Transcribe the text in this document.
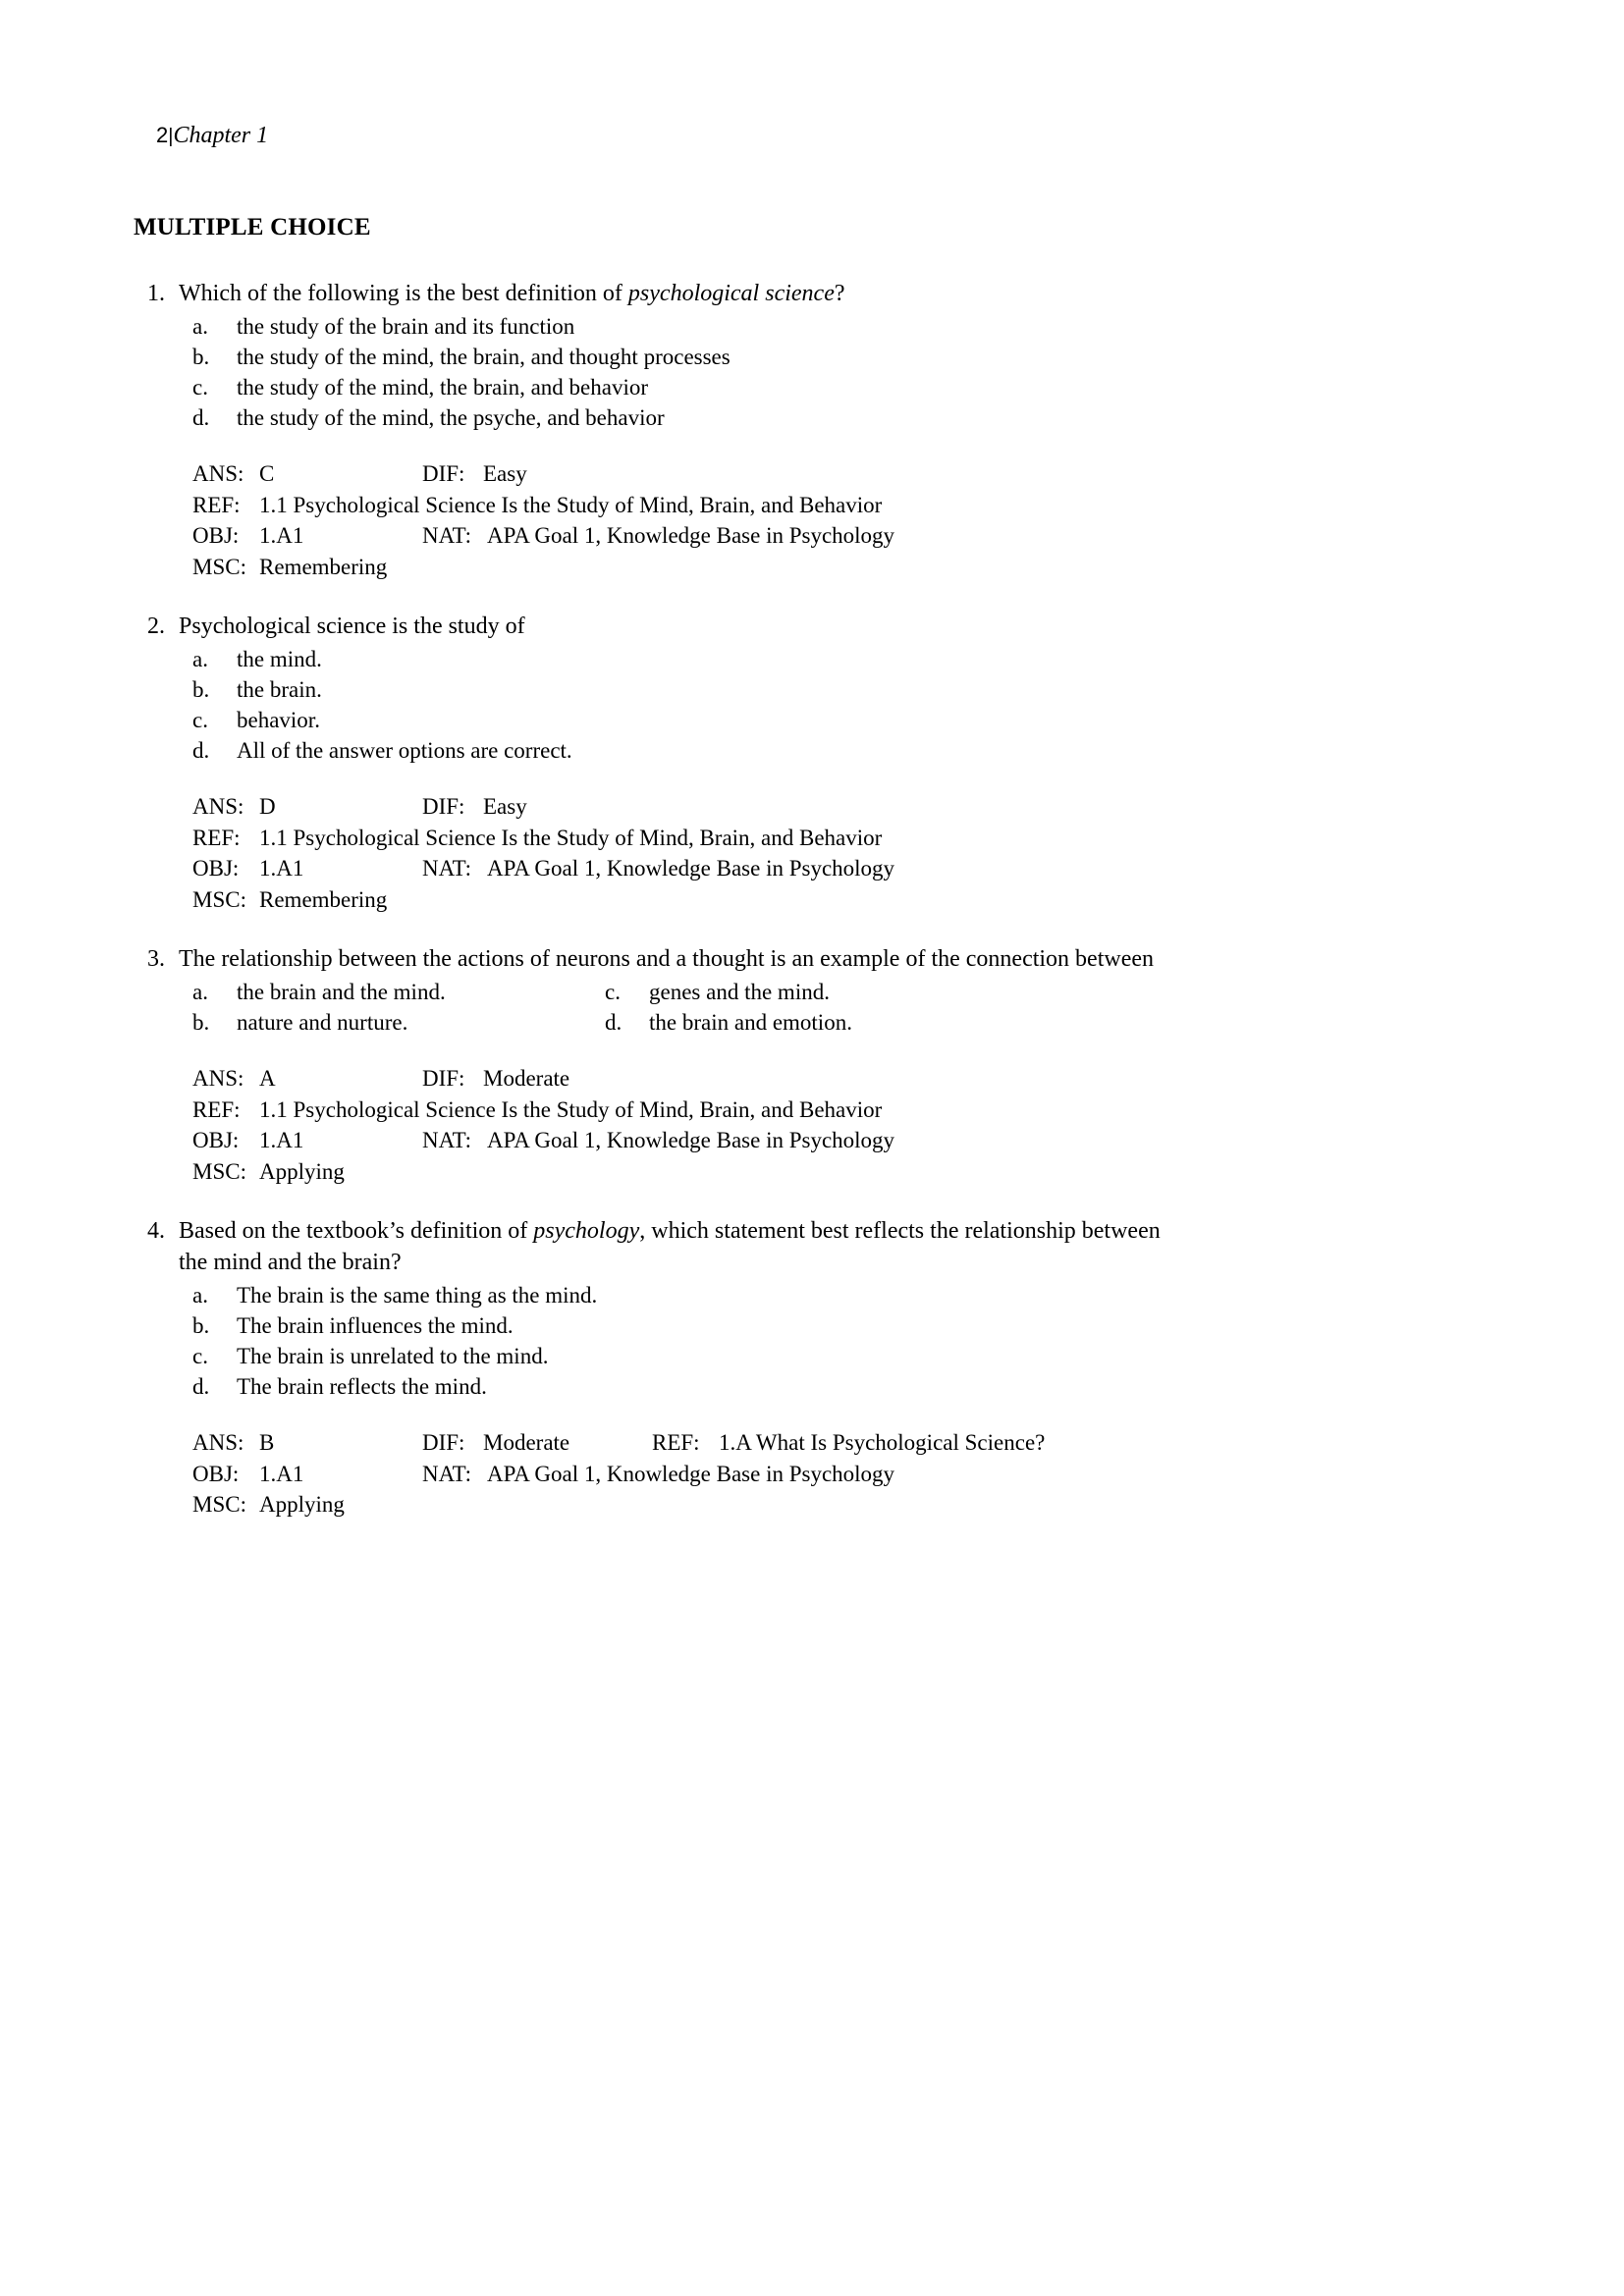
2|Chapter 1

MULTIPLE CHOICE
1. Which of the following is the best definition of psychological science?
a.	the study of the brain and its function
b.	the study of the mind, the brain, and thought processes
c.	the study of the mind, the brain, and behavior
d.	the study of the mind, the psyche, and behavior
ANS: C	DIF: Easy
REF: 1.1 Psychological Science Is the Study of Mind, Brain, and Behavior
OBJ: 1.A1	NAT: APA Goal 1, Knowledge Base in Psychology
MSC: Remembering
2. Psychological science is the study of
a.	the mind.
b.	the brain.
c.	behavior.
d.	All of the answer options are correct.
ANS: D	DIF: Easy
REF: 1.1 Psychological Science Is the Study of Mind, Brain, and Behavior
OBJ: 1.A1	NAT: APA Goal 1, Knowledge Base in Psychology
MSC: Remembering
3. The relationship between the actions of neurons and a thought is an example of the connection between
a.	the brain and the mind.	c.	genes and the mind.
b.	nature and nurture.	d.	the brain and emotion.
ANS: A	DIF: Moderate
REF: 1.1 Psychological Science Is the Study of Mind, Brain, and Behavior
OBJ: 1.A1	NAT: APA Goal 1, Knowledge Base in Psychology
MSC: Applying
4. Based on the textbook’s definition of psychology, which statement best reflects the relationship between the mind and the brain?
a.	The brain is the same thing as the mind.
b.	The brain influences the mind.
c.	The brain is unrelated to the mind.
d.	The brain reflects the mind.
ANS: B	DIF: Moderate	REF: 1.A What Is Psychological Science?
OBJ: 1.A1	NAT: APA Goal 1, Knowledge Base in Psychology
MSC: Applying
